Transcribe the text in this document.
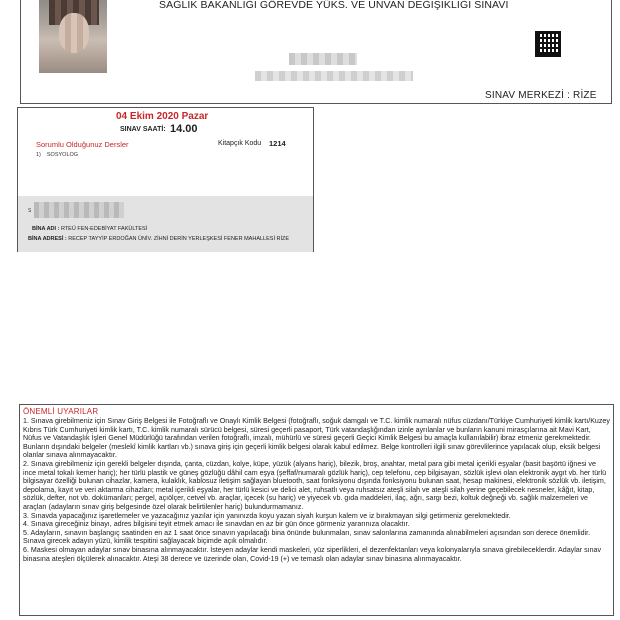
SAĞLIK BAKANLIĞI GÖREVDE YÜKS. VE UNVAN DEĞİŞİKLİĞİ SINAVI
SINAV MERKEZİ : RİZE
04 Ekim 2020 Pazar
SINAV SAATİ: 14.00
Sorumlu Olduğunuz Dersler	Kitapçık Kodu 1214
1) SOSYOLOG
S
BİNA ADI : RTEÜ FEN-EDEBİYAT FAKÜLTESİ
BİNA ADRESİ : RECEP TAYYİP ERDOĞAN ÜNİV. ZİHNİ DERİN YERLEŞKESİ FENER MAHALLESİ RİZE
ÖNEMLİ UYARILAR
1. Sınava girebilmeniz için Sınav Giriş Belgesi ile Fotoğraflı ve Onaylı Kimlik Belgesi (fotoğraflı, soğuk damgalı ve T.C. kimlik numaralı nüfus cüzdanı/Türkiye Cumhuriyeti kimlik kartı/Kuzey Kıbrıs Türk Cumhuriyeti kimlik kartı, T.C. kimlik numaralı sürücü belgesi, süresi geçerli pasaport, Türk vatandaşlığından izinle ayrılanlar ve bunların kanuni mirasçılarına ait Mavi Kart, Nüfus ve Vatandaşlık İşleri Genel Müdürlüğü tarafından verilen fotoğraflı, imzalı, mühürlü ve süresi geçerli Geçici Kimlik Belgesi bu amaçla kullanılabilir) ibraz etmeniz gerekmektedir. Bunların dışındaki belgeler (meslekî kimlik kartları vb.) sınava giriş için geçerli kimlik belgesi olarak kabul edilmez. Belge kontrolleri ilgili sınav görevlilerince yapılacak olup, eksik belgesi olanlar sınava alınmayacaktır.
2. Sınava girebilmeniz için gerekli belgeler dışında, çanta, cüzdan, kolye, küpe, yüzük (alyans hariç), bilezik, broş, anahtar, metal para gibi metal içerikli eşyalar (basit başörtü iğnesi ve ince metal tokalı kemer hariç); her türlü plastik ve güneş gözlüğü dâhil cam eşya (şeffaf/numaralı gözlük hariç), cep telefonu, cep bilgisayarı, sözlük işlevi olan elektronik aygıt vb. her türlü bilgisayar özelliği bulunan cihazlar, kamera, kulaklık, kablosuz iletişim sağlayan bluetooth, saat fonksiyonu dışında fonksiyonu bulunan saat, hesap makinesi, elektronik sözlük vb. iletişim, depolama, kayıt ve veri aktarma cihazları; metal içerikli eşyalar, her türlü kesici ve delici alet, ruhsatlı veya ruhsatsız ateşli silah ve ateşli silah yerine geçebilecek nesneler, kâğıt, kitap, sözlük, defter, not vb. dokümanları; pergel, açıölçer, cetvel vb. araçlar, içecek (su hariç) ve yiyecek vb. gıda maddeleri, ilaç, ağrı, sargı bezi, koltuk değneği vb. sağlık malzemeleri ve araçları (adayların sınav giriş belgesinde özel olarak belirtilenler hariç) bulundurmamanız.
3. Sınavda yapacağınız işaretlemeler ve yazacağınız yazılar için yanınızda koyu yazan siyah kurşun kalem ve iz bırakmayan silgi getirmeniz gerekmektedir.
4. Sınava gireceğiniz binayı, adres bilgisini teyit etmek amacı ile sınavdan en az bir gün önce görmeniz yararınıza olacaktır.
5. Adayların, sınavın başlangıç saatinden en az 1 saat önce sınavın yapılacağı bina önünde bulunmaları, sınav salonlarına zamanında alınabilmeleri açısından son derece önemlidir. Sınava girecek adayın yüzü, kimlik tespitini sağlayacak biçimde açık olmalıdır.
6. Maskesi olmayan adaylar sınav binasına alınmayacaktır. İsteyen adaylar kendi maskeleri, yüz siperlikleri, el dezenfektanları veya kolonyalarıyla sınava girebileceklerdir. Adaylar sınav binasına ateşleri ölçülerek alınacaktır. Ateşi 38 derece ve üzerinde olan, Covid-19 (+) ve temaslı olan adaylar sınav binasına alınmayacaktır.
